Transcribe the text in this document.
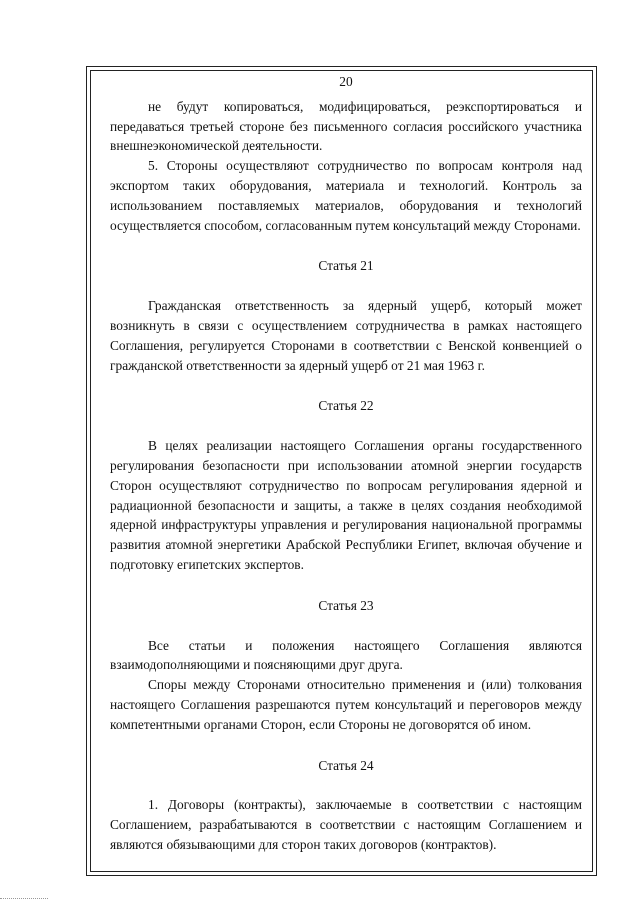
20

не будут копироваться, модифицироваться, реэкспортироваться и передаваться третьей стороне без письменного согласия российского участника внешнеэкономической деятельности.

5. Стороны осуществляют сотрудничество по вопросам контроля над экспортом таких оборудования, материала и технологий. Контроль за использованием поставляемых материалов, оборудования и технологий осуществляется способом, согласованным путем консультаций между Сторонами.

Статья 21

Гражданская ответственность за ядерный ущерб, который может возникнуть в связи с осуществлением сотрудничества в рамках настоящего Соглашения, регулируется Сторонами в соответствии с Венской конвенцией о гражданской ответственности за ядерный ущерб от 21 мая 1963 г.

Статья 22

В целях реализации настоящего Соглашения органы государственного регулирования безопасности при использовании атомной энергии государств Сторон осуществляют сотрудничество по вопросам регулирования ядерной и радиационной безопасности и защиты, а также в целях создания необходимой ядерной инфраструктуры управления и регулирования национальной программы развития атомной энергетики Арабской Республики Египет, включая обучение и подготовку египетских экспертов.

Статья 23

Все статьи и положения настоящего Соглашения являются взаимодополняющими и поясняющими друг друга.

Споры между Сторонами относительно применения и (или) толкования настоящего Соглашения разрешаются путем консультаций и переговоров между компетентными органами Сторон, если Стороны не договорятся об ином.

Статья 24

1. Договоры (контракты), заключаемые в соответствии с настоящим Соглашением, разрабатываются в соответствии с настоящим Соглашением и являются обязывающими для сторон таких договоров (контрактов).
